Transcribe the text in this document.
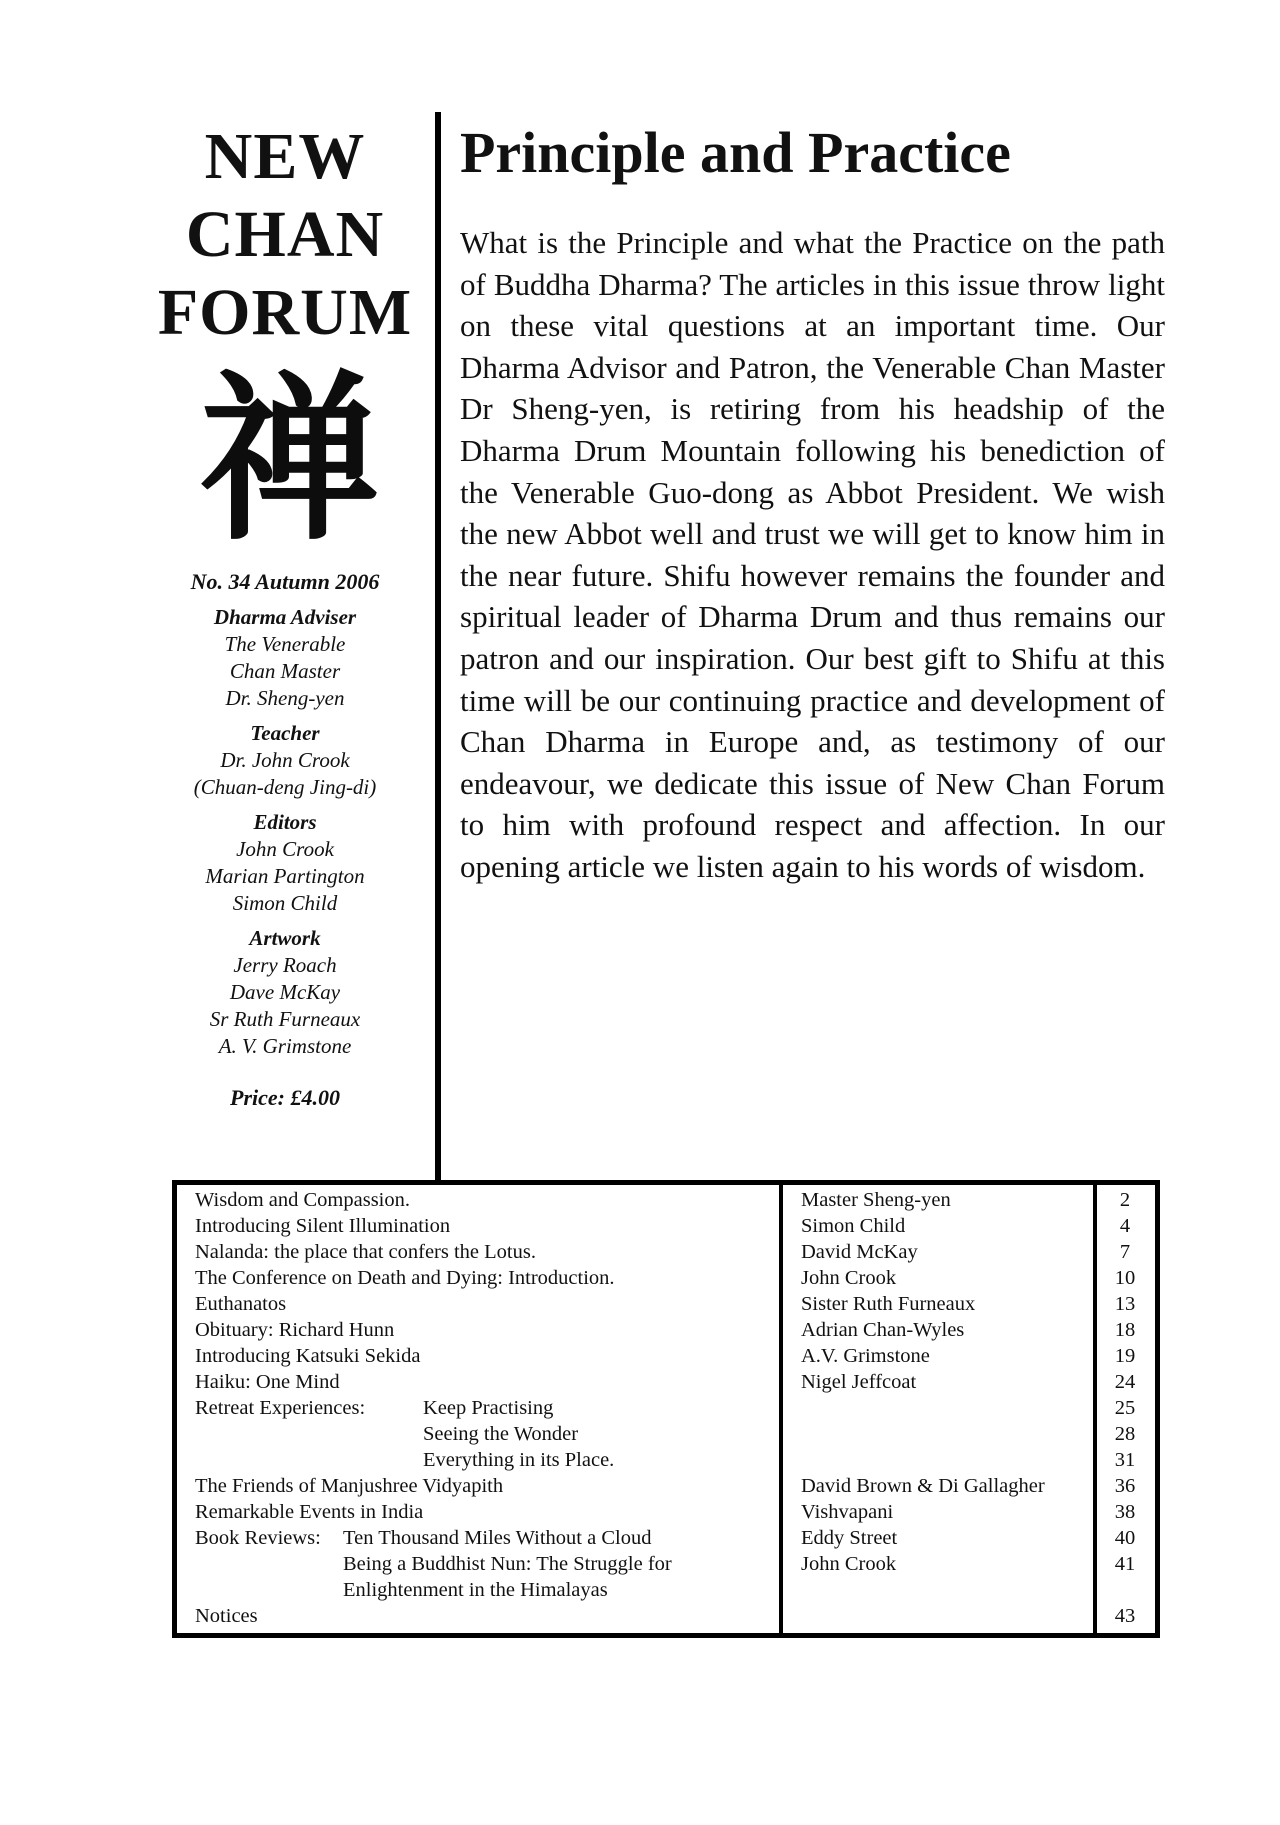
NEW
CHAN
FORUM
禅
No. 34 Autumn 2006
Dharma Adviser
The Venerable
Chan Master
Dr. Sheng-yen
Teacher
Dr. John Crook
(Chuan-deng Jing-di)
Editors
John Crook
Marian Partington
Simon Child
Artwork
Jerry Roach
Dave McKay
Sr Ruth Furneaux
A. V. Grimstone
Price: £4.00
Principle and Practice

What is the Principle and what the Practice on the path of Buddha Dharma? The articles in this issue throw light on these vital questions at an important time. Our Dharma Advisor and Patron, the Venerable Chan Master Dr Sheng-yen, is retiring from his headship of the Dharma Drum Mountain following his benediction of the Venerable Guo-dong as Abbot President. We wish the new Abbot well and trust we will get to know him in the near future. Shifu however remains the founder and spiritual leader of Dharma Drum and thus remains our patron and our inspiration. Our best gift to Shifu at this time will be our continuing practice and development of Chan Dharma in Europe and, as testimony of our endeavour, we dedicate this issue of New Chan Forum to him with profound respect and affection. In our opening article we listen again to his words of wisdom.

Wisdom and Compassion.	Master Sheng-yen	2
Introducing Silent Illumination	Simon Child	4
Nalanda: the place that confers the Lotus.	David McKay	7
The Conference on Death and Dying: Introduction.	John Crook	10
Euthanatos	Sister Ruth Furneaux	13
Obituary: Richard Hunn	Adrian Chan-Wyles	18
Introducing Katsuki Sekida	A.V. Grimstone	19
Haiku: One Mind	Nigel Jeffcoat	24
Retreat Experiences:	Keep Practising	25
Seeing the Wonder	28
Everything in its Place.	31
The Friends of Manjushree Vidyapith	David Brown & Di Gallagher	36
Remarkable Events in India	Vishvapani	38
Book Reviews: Ten Thousand Miles Without a Cloud	Eddy Street	40
Being a Buddhist Nun: The Struggle for	John Crook	41
Enlightenment in the Himalayas
Notices	43
